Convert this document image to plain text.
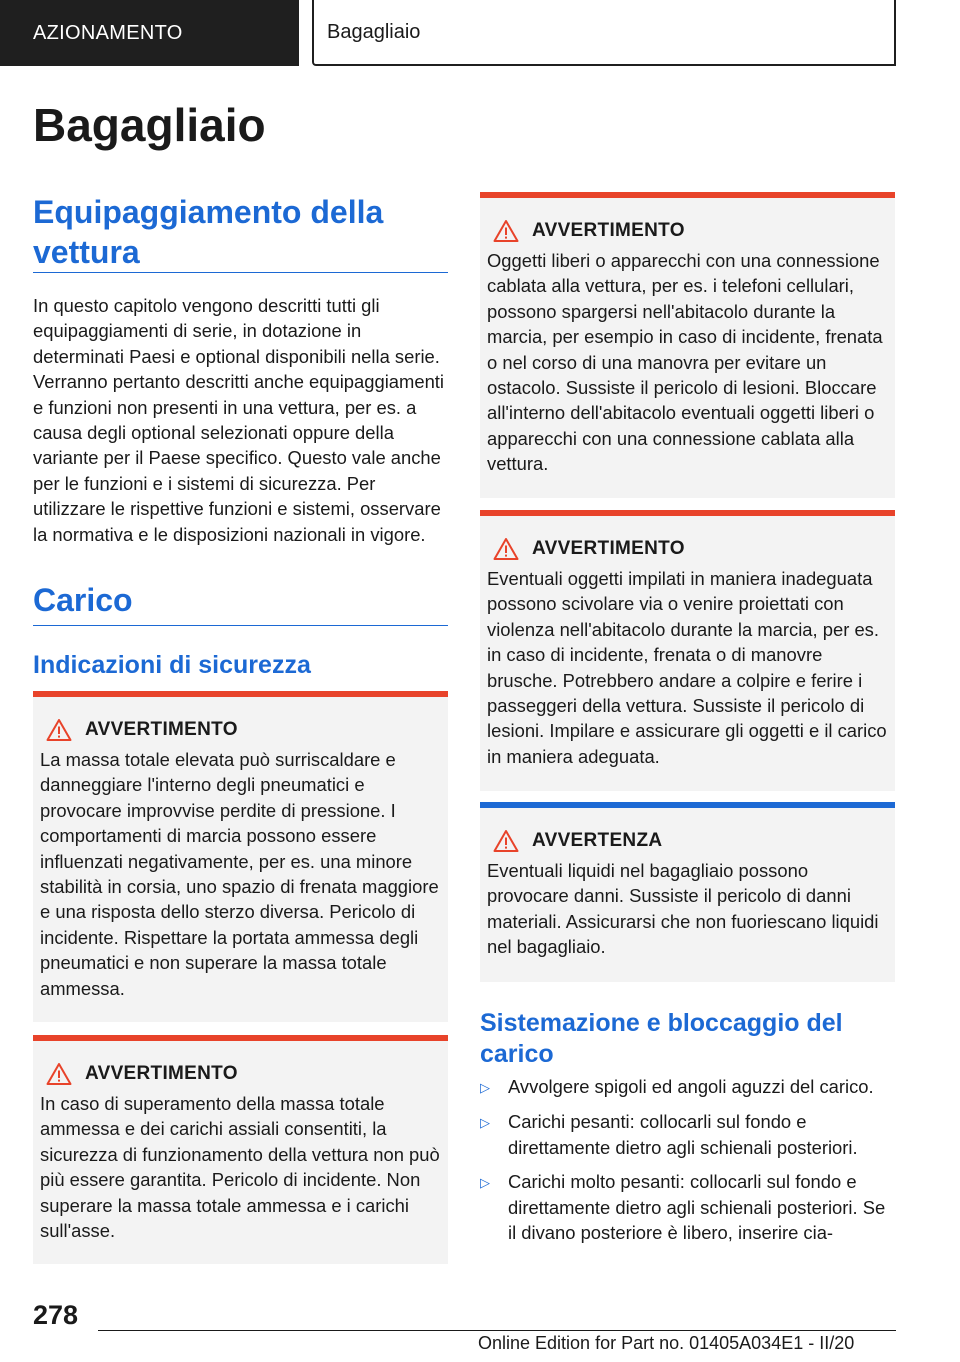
AZIONAMENTO	Bagagliaio
Bagagliaio
Equipaggiamento della vettura

In questo capitolo vengono descritti tutti gli equipaggiamenti di serie, in dotazione in determinati Paesi e optional disponibili nella serie. Verranno pertanto descritti anche equipaggiamenti e funzioni non presenti in una vettura, per es. a causa degli optional selezionati oppure della variante per il Paese specifico. Questo vale anche per le funzioni e i sistemi di sicurezza. Per utilizzare le rispettive funzioni e sistemi, osservare la normativa e le disposizioni nazionali in vigore.

Carico
Indicazioni di sicurezza
AVVERTIMENTO

La massa totale elevata può surriscaldare e danneggiare l'interno degli pneumatici e provocare improvvise perdite di pressione. I comportamenti di marcia possono essere influenzati negativamente, per es. una minore stabilità in corsia, uno spazio di frenata maggiore e una risposta dello sterzo diversa. Pericolo di incidente. Rispettare la portata ammessa degli pneumatici e non superare la massa totale ammessa.

AVVERTIMENTO

In caso di superamento della massa totale ammessa e dei carichi assiali consentiti, la sicurezza di funzionamento della vettura non può più essere garantita. Pericolo di incidente. Non superare la massa totale ammessa e i carichi sull'asse.

AVVERTIMENTO

Oggetti liberi o apparecchi con una connessione cablata alla vettura, per es. i telefoni cellulari, possono spargersi nell'abitacolo durante la marcia, per esempio in caso di incidente, frenata o nel corso di una manovra per evitare un ostacolo. Sussiste il pericolo di lesioni. Bloccare all'interno dell'abitacolo eventuali oggetti liberi o apparecchi con una connessione cablata alla vettura.

AVVERTIMENTO

Eventuali oggetti impilati in maniera inadeguata possono scivolare via o venire proiettati con violenza nell'abitacolo durante la marcia, per es. in caso di incidente, frenata o di manovre brusche. Potrebbero andare a colpire e ferire i passeggeri della vettura. Sussiste il pericolo di lesioni. Impilare e assicurare gli oggetti e il carico in maniera adeguata.

AVVERTENZA

Eventuali liquidi nel bagagliaio possono provocare danni. Sussiste il pericolo di danni materiali. Assicurarsi che non fuoriescano liquidi nel bagagliaio.

Sistemazione e bloccaggio del carico
▷ Avvolgere spigoli ed angoli aguzzi del carico.
▷ Carichi pesanti: collocarli sul fondo e direttamente dietro agli schienali posteriori.
▷ Carichi molto pesanti: collocarli sul fondo e direttamente dietro agli schienali posteriori. Se il divano posteriore è libero, inserire cia-
278
Online Edition for Part no. 01405A034E1 - II/20
